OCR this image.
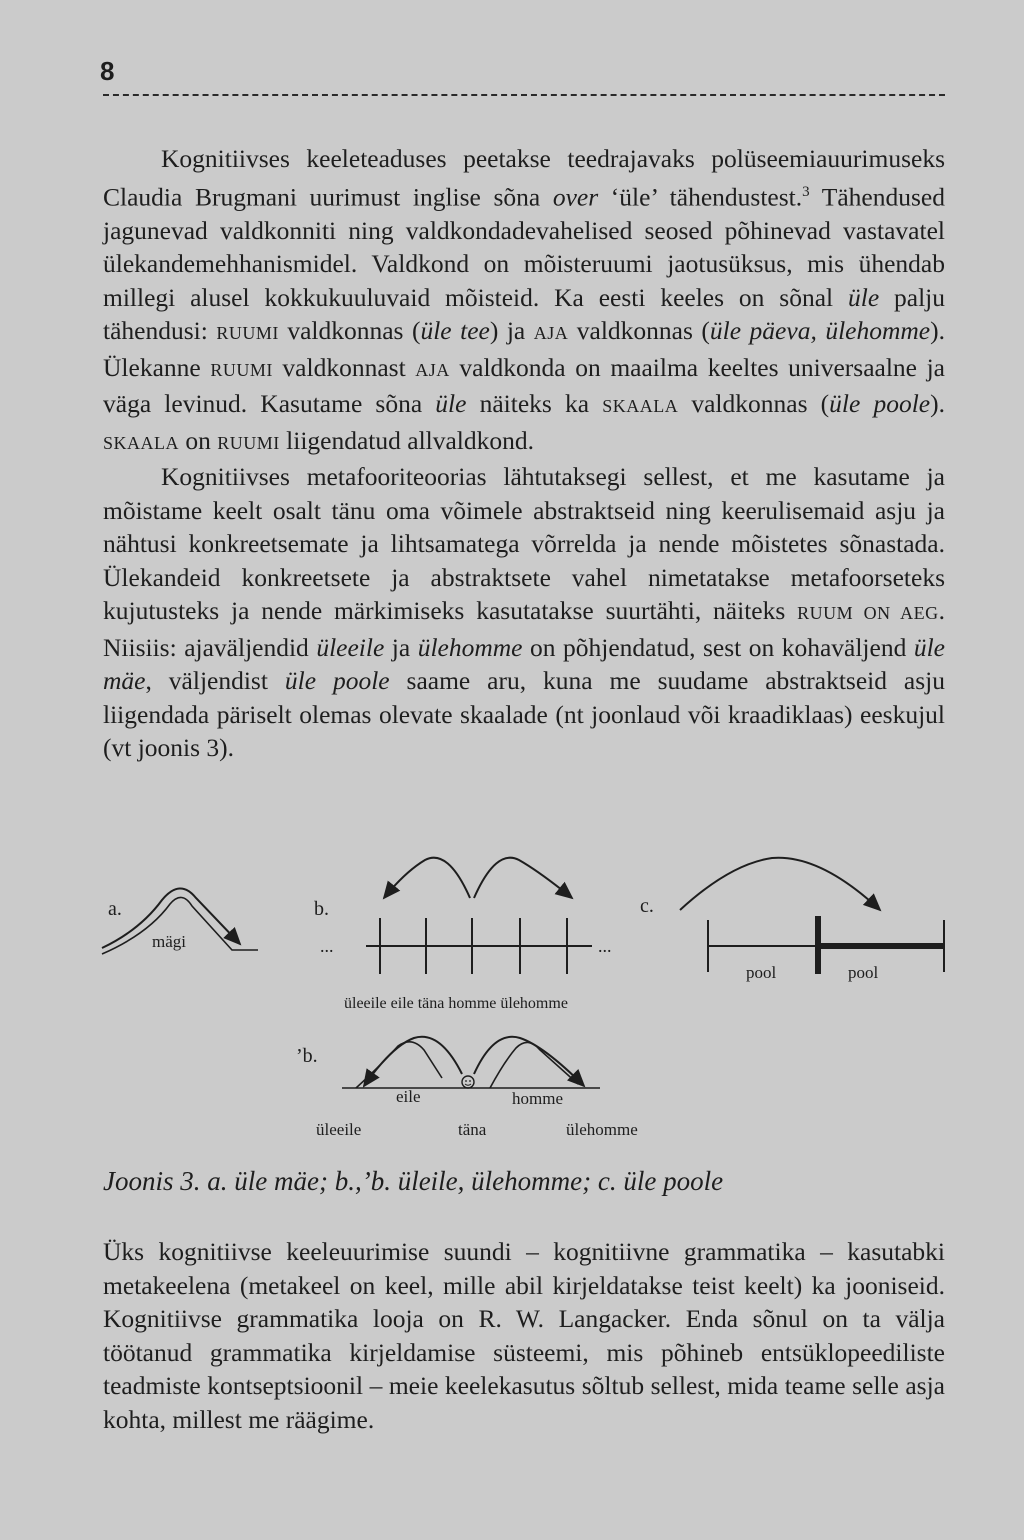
8

Kognitiivses keeleteaduses peetakse teedrajavaks polüseemiauurimuseks Claudia Brugmani uurimust inglise sõna over ‘üle’ tähendustest.$^3$ Tähendused jagunevad valdkonniti ning valdkondadevahelised seosed põhinevad vastavatel ülekandemehhanismidel. Valdkond on mõisteruumi jaotusüksus, mis ühendab millegi alusel kokkukuuluvaid mõisteid. Ka eesti keeles on sõnal üle palju tähendusi: RUUMI valdkonnas (üle tee) ja AJA valdkonnas (üle päeva, ülehomme). Ülekanne RUUMI valdkonnast AJA valdkonda on maailma keeltes universaalne ja väga levinud. Kasutame sõna üle näiteks ka SKAALA valdkonnas (üle poole). SKAALA on RUUMI liigendatud allvaldkond.

Kognitiivses metafooriteoorias lähtutaksegi sellest, et me kasutame ja mõistame keelt osalt tänu oma võimele abstraktseid ning keerulisemaid asju ja nähtusi konkreetsemate ja lihtsamatega võrrelda ja nende mõistetes sõnastada. Ülekandeid konkreetsete ja abstraktsete vahel nimetatakse metafoorseteks kujutusteks ja nende märkimiseks kasutatakse suurtähti, näiteks RUUM ON AEG. Niisiis: ajaväljendid üleeile ja ülehomme on põhjendatud, sest on kohaväljend üle mäe, väljendist üle poole saame aru, kuna me suudame abstraktseid asju liigendada päriselt olemas olevate skaalade (nt joonlaud või kraadiklaas) eeskujul (vt joonis 3).

a.
mägi
b.
...	...
üleeile eile täna homme ülehomme
c.
pool	pool
’b.
eile	homme
üleeile	täna	ülehomme
Joonis 3. a. üle mäe; b.,’b. üleile, ülehomme; c. üle poole

Üks kognitiivse keeleuurimise suundi – kognitiivne grammatika – kasutabki metakeelena (metakeel on keel, mille abil kirjeldatakse teist keelt) ka jooniseid. Kognitiivse grammatika looja on R. W. Langacker. Enda sõnul on ta välja töötanud grammatika kirjeldamise süsteemi, mis põhineb entsüklopeediliste teadmiste kontseptsioonil – meie keelekasutus sõltub sellest, mida teame selle asja kohta, millest me räägime.
